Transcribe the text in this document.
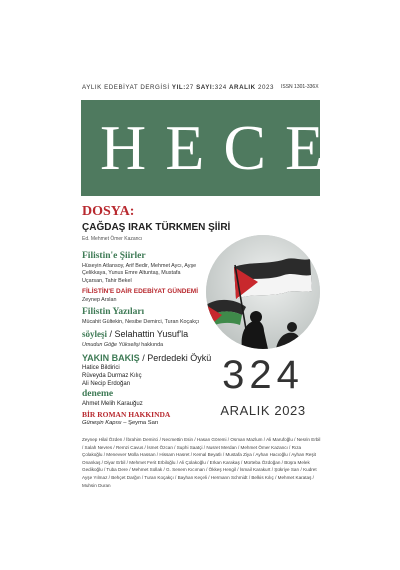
AYLIK EDEBİYAT DERGİSİ YIL:27 SAYI:324 ARALIK 2023	ISSN 1301-336X
HECE
DOSYA:
ÇAĞDAŞ IRAK TÜRKMEN ŞİİRİ
Ed. Mehmet Ömer Kazancı
Filistin'e Şiirler
Hüseyin Atlansoy, Arif Bedir, Mehmet Aycı, Ayşe Çelikkaya, Yunus Emre Altuntaş, Mustafa Uçarsan, Tahir Bekel
FİLİSTİN'E DAİR EDEBİYAT GÜNDEMİ
Zeynep Arslan
Filistin Yazıları
Mücahit Gültekin, Nesibe Demirci, Turan Koçakçı
söyleşi / Selahattin Yusuf'la
Umudun Göğe Yükselişi hakkında
YAKIN BAKIŞ / Perdedeki Öykü
Hatice Bildirici
Rüveyda Durmaz Kılıç
Ali Necip Erdoğan
deneme
Ahmet Melih Karauğuz
BİR ROMAN HAKKINDA
Güneşin Kapısı – Şeyma Sarı
324
ARALIK 2023
Zeynep Hilal Özden / İbrahim Demirci / Necmettin Esin / Hasan Göremi / Osman Mazlum / Ali Marufoğlu / Nesrin Erbil / Salah Nevres / Remzi Cavus / İsmet Özcan / Suphi Saatçi / Nusret Merdan / Mehmet Ömer Kazancı / Rıza Çolakoğlu / Menevver Molla Hassan / Hissam Hasret / Kemal Beyatlı / Mustafa Ziya / Ayhan Hacıoğlu / Ayhan Reşit Onankaş / Diyar Erbil / Mehmet Ferit Erbiloğlu / Ali Çolakoğlu / Erkan Karakaş / Mürteba Özdoğan / Büşra Melek Gedikoğlu / Tuba Dere / Mehmet Sollak / G. Senem Kıcıman / Ökkeş Hengil / İsmail Karakurt / Şükriye Sarı / Kudret Ayşe Yılmaz / Behçet Darğın / Turan Koçakçı / Bayhan Keçeli / Hermann Schmidt / Belkis Kılıç / Mehmet Karataş / Muhsin Duran
